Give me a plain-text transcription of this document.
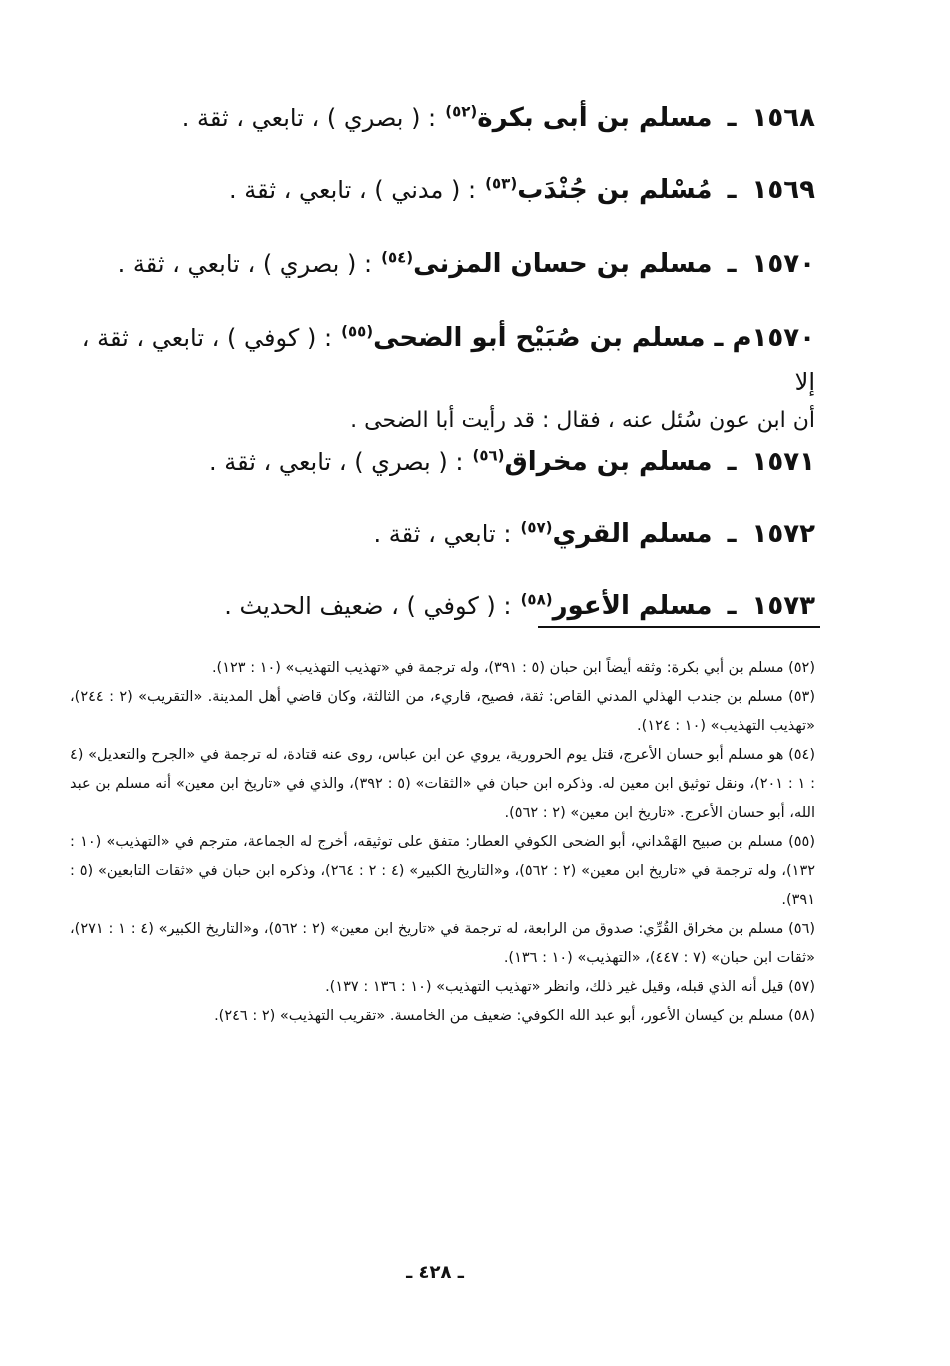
١٥٦٨ ـ مسلم بن أبى بكرة$^{(٥٢)}$ : ( بصري ) ، تابعي ، ثقة .
١٥٦٩ ـ مُسْلم بن جُنْدَب$^{(٥٣)}$ : ( مدني ) ، تابعي ، ثقة .
١٥٧٠ ـ مسلم بن حسان المزنى$^{(٥٤)}$ : ( بصري ) ، تابعي ، ثقة .
١٥٧٠م ـ مسلم بن صُبَيْح أبو الضحى$^{(٥٥)}$ : ( كوفي ) ، تابعي ، ثقة ، إلا
أن ابن عون سُئل عنه ، فقال : قد رأيت أبا الضحى .
١٥٧١ ـ مسلم بن مخراق$^{(٥٦)}$ : ( بصري ) ، تابعي ، ثقة .
١٥٧٢ ـ مسلم القري$^{(٥٧)}$ : تابعي ، ثقة .
١٥٧٣ ـ مسلم الأعور$^{(٥٨)}$ : ( كوفي ) ، ضعيف الحديث .

(٥٢) مسلم بن أبي بكرة: وثقه أيضاً ابن حبان (٥ : ٣٩١)، وله ترجمة في «تهذيب التهذيب» (١٠ : ١٢٣).

(٥٣) مسلم بن جندب الهذلي المدني القاص: ثقة، فصيح، قاريء، من الثالثة، وكان قاضي أهل المدينة. «التقريب» (٢ : ٢٤٤)، «تهذيب التهذيب» (١٠ : ١٢٤).

(٥٤) هو مسلم أبو حسان الأعرج، قتل يوم الحرورية، يروي عن ابن عباس، روى عنه قتادة، له ترجمة في «الجرح والتعديل» (٤ : ١ : ٢٠١)، ونقل توثيق ابن معين له. وذكره ابن حبان في «الثقات» (٥ : ٣٩٢)، والذي في «تاريخ ابن معين» أنه مسلم بن عبد الله، أبو حسان الأعرج. «تاريخ ابن معين» (٢ : ٥٦٢).

(٥٥) مسلم بن صبيح الهَمْداني، أبو الضحى الكوفي العطار: متفق على توثيقه، أخرج له الجماعة، مترجم في «التهذيب» (١٠ : ١٣٢)، وله ترجمة في «تاريخ ابن معين» (٢ : ٥٦٢)، و«التاريخ الكبير» (٤ : ٢ : ٢٦٤)، وذكره ابن حبان في «ثقات التابعين» (٥ : ٣٩١).

(٥٦) مسلم بن مخراق القُرِّي: صدوق من الرابعة، له ترجمة في «تاريخ ابن معين» (٢ : ٥٦٢)، و«التاريخ الكبير» (٤ : ١ : ٢٧١)، «ثقات ابن حبان» (٧ : ٤٤٧)، «التهذيب» (١٠ : ١٣٦).

(٥٧) قيل أنه الذي قبله، وقيل غير ذلك، وانظر «تهذيب التهذيب» (١٠ : ١٣٦ : ١٣٧).

(٥٨) مسلم بن كيسان الأعور، أبو عبد الله الكوفي: ضعيف من الخامسة. «تقريب التهذيب» (٢ : ٢٤٦).

ـ ٤٢٨ ـ
